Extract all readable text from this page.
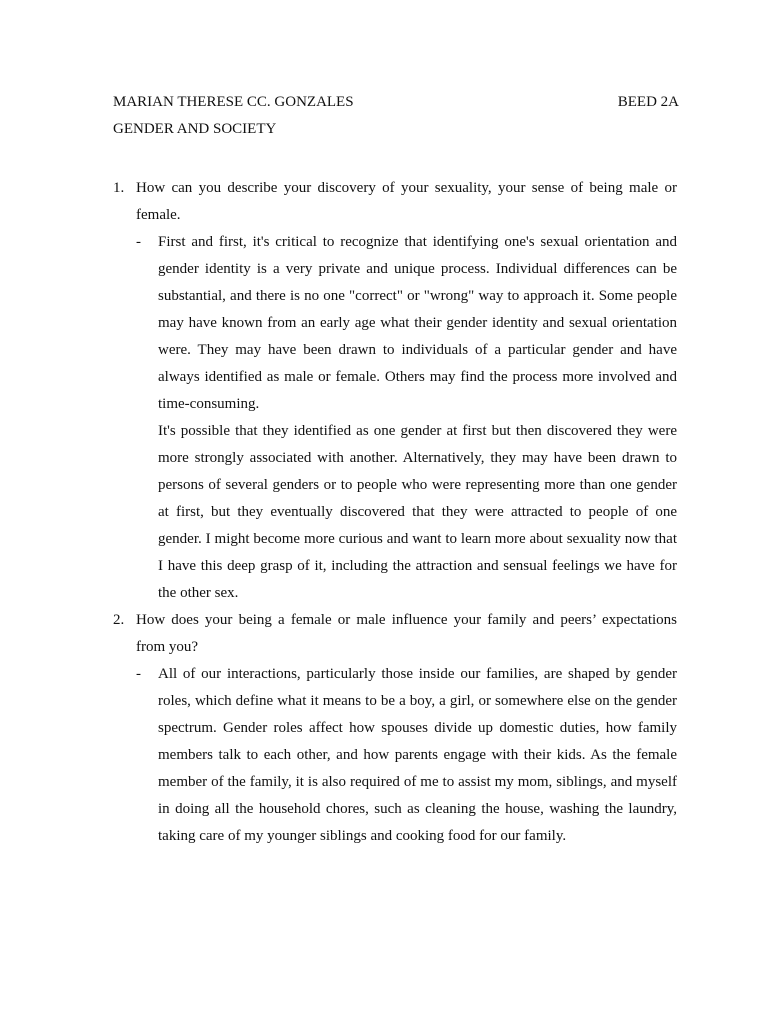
MARIAN THERESE CC. GONZALES	BEED 2A
GENDER AND SOCIETY
1. How can you describe your discovery of your sexuality, your sense of being male or female.
- First and first, it's critical to recognize that identifying one's sexual orientation and gender identity is a very private and unique process. Individual differences can be substantial, and there is no one "correct" or "wrong" way to approach it. Some people may have known from an early age what their gender identity and sexual orientation were. They may have been drawn to individuals of a particular gender and have always identified as male or female. Others may find the process more involved and time-consuming.

It's possible that they identified as one gender at first but then discovered they were more strongly associated with another. Alternatively, they may have been drawn to persons of several genders or to people who were representing more than one gender at first, but they eventually discovered that they were attracted to people of one gender. I might become more curious and want to learn more about sexuality now that I have this deep grasp of it, including the attraction and sensual feelings we have for the other sex.

2. How does your being a female or male influence your family and peers’ expectations from you?
- All of our interactions, particularly those inside our families, are shaped by gender roles, which define what it means to be a boy, a girl, or somewhere else on the gender spectrum. Gender roles affect how spouses divide up domestic duties, how family members talk to each other, and how parents engage with their kids. As the female member of the family, it is also required of me to assist my mom, siblings, and myself in doing all the household chores, such as cleaning the house, washing the laundry, taking care of my younger siblings and cooking food for our family.
